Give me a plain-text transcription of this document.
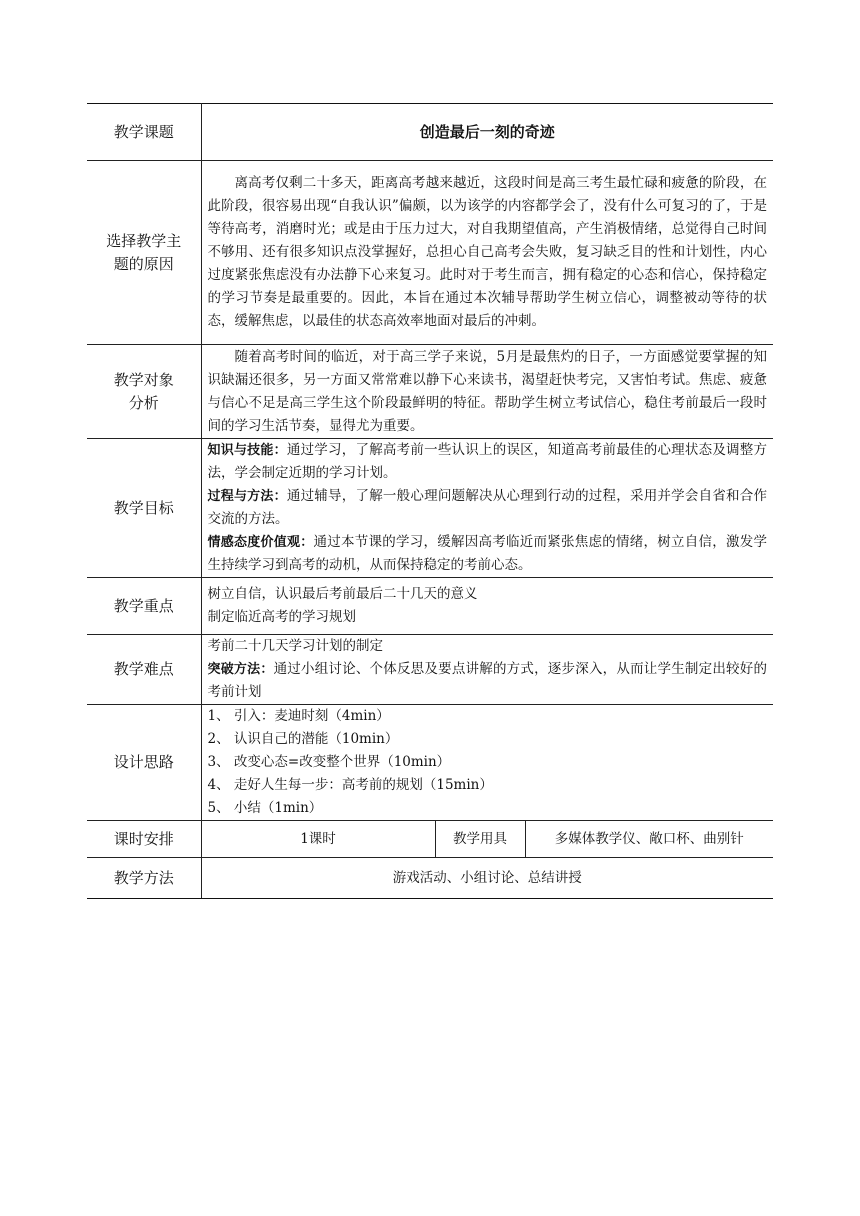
教学课题	创造最后一刻的奇迹		

选择教学主
题的原因	离高考仅剩二十多天，距离高考越来越近，这段时间是高三考生最忙碌和疲惫的阶段，在此阶段，很容易出现“自我认识”偏颇，以为该学的内容都学会了，没有什么可复习的了，于是等待高考，消磨时光；或是由于压力过大，对自我期望值高，产生消极情绪，总觉得自己时间不够用、还有很多知识点没掌握好，总担心自己高考会失败，复习缺乏目的性和计划性，内心过度紧张焦虑没有办法静下心来复习。此时对于考生而言，拥有稳定的心态和信心，保持稳定的学习节奏是最重要的。因此，本旨在通过本次辅导帮助学生树立信心，调整被动等待的状态，缓解焦虑，以最佳的状态高效率地面对最后的冲刺。		

教学对象
分析	随着高考时间的临近，对于高三学子来说，5月是最焦灼的日子，一方面感觉要掌握的知识缺漏还很多，另一方面又常常难以静下心来读书，渴望赶快考完，又害怕考试。焦虑、疲惫与信心不足是高三学生这个阶段最鲜明的特征。帮助学生树立考试信心，稳住考前最后一段时间的学习生活节奏，显得尤为重要。		

教学目标	知识与技能：通过学习，了解高考前一些认识上的误区，知道高考前最佳的心理状态及调整方法，学会制定近期的学习计划。
过程与方法：通过辅导，了解一般心理问题解决从心理到行动的过程，采用并学会自省和合作交流的方法。
情感态度价值观：通过本节课的学习，缓解因高考临近而紧张焦虑的情绪，树立自信，激发学生持续学习到高考的动机，从而保持稳定的考前心态。		

教学重点	树立自信，认识最后考前最后二十几天的意义
制定临近高考的学习规划		

教学难点	考前二十几天学习计划的制定
突破方法：通过小组讨论、个体反思及要点讲解的方式，逐步深入，从而让学生制定出较好的考前计划		

设计思路	1、 引入：麦迪时刻（4min）
2、 认识自己的潜能（10min）
3、 改变心态=改变整个世界（10min）
4、 走好人生每一步：高考前的规划（15min）
5、 小结（1min）		

课时安排	1课时	教学用具	多媒体教学仪、敞口杯、曲别针
教学方法	游戏活动、小组讨论、总结讲授		
